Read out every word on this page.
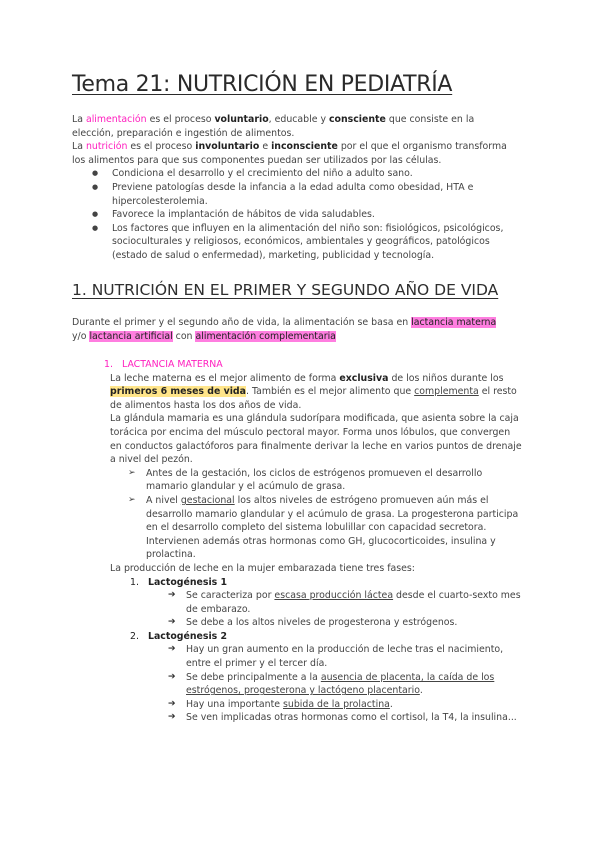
Tema 21: NUTRICIÓN EN PEDIATRÍA

La alimentación es el proceso voluntario, educable y consciente que consiste en la elección, preparación e ingestión de alimentos.

La nutrición es el proceso involuntario e inconsciente por el que el organismo transforma los alimentos para que sus componentes puedan ser utilizados por las células.

● Condiciona el desarrollo y el crecimiento del niño a adulto sano.
● Previene patologías desde la infancia a la edad adulta como obesidad, HTA e hipercolesterolemia.
● Favorece la implantación de hábitos de vida saludables.
● Los factores que influyen en la alimentación del niño son: fisiológicos, psicológicos, socioculturales y religiosos, económicos, ambientales y geográficos, patológicos (estado de salud o enfermedad), marketing, publicidad y tecnología.
1. NUTRICIÓN EN EL PRIMER Y SEGUNDO AÑO DE VIDA

Durante el primer y el segundo año de vida, la alimentación se basa en lactancia materna y/o lactancia artificial con alimentación complementaria

1. LACTANCIA MATERNA

La leche materna es el mejor alimento de forma exclusiva de los niños durante los primeros 6 meses de vida. También es el mejor alimento que complementa el resto de alimentos hasta los dos años de vida.

La glándula mamaria es una glándula sudorípara modificada, que asienta sobre la caja torácica por encima del músculo pectoral mayor. Forma unos lóbulos, que convergen en conductos galactóforos para finalmente derivar la leche en varios puntos de drenaje a nivel del pezón.

➢ Antes de la gestación, los ciclos de estrógenos promueven el desarrollo mamario glandular y el acúmulo de grasa.
➢ A nivel gestacional los altos niveles de estrógeno promueven aún más el desarrollo mamario glandular y el acúmulo de grasa. La progesterona participa en el desarrollo completo del sistema lobulillar con capacidad secretora.
Intervienen además otras hormonas como GH, glucocorticoides, insulina y prolactina.

La producción de leche en la mujer embarazada tiene tres fases:

1. Lactogénesis 1
➔ Se caracteriza por escasa producción láctea desde el cuarto-sexto mes de embarazo.
➔ Se debe a los altos niveles de progesterona y estrógenos.
2. Lactogénesis 2
➔ Hay un gran aumento en la producción de leche tras el nacimiento, entre el primer y el tercer día.
➔ Se debe principalmente a la ausencia de placenta, la caída de los estrógenos, progesterona y lactógeno placentario.
➔ Hay una importante subida de la prolactina.
➔ Se ven implicadas otras hormonas como el cortisol, la T4, la insulina...
